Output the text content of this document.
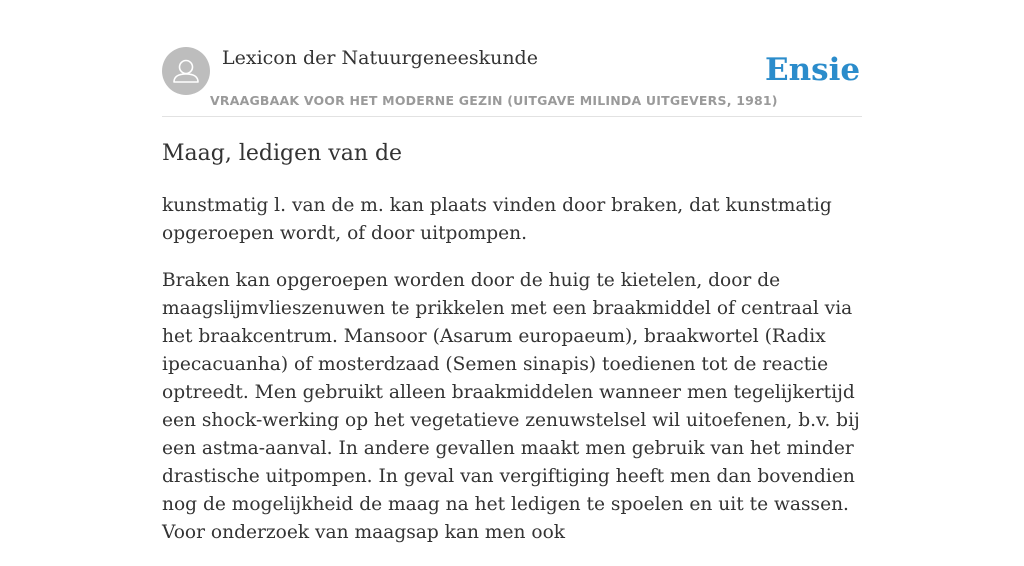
Lexicon der Natuurgeneeskunde
VRAAGBAAK VOOR HET MODERNE GEZIN (UITGAVE MILINDA UITGEVERS, 1981)
Ensie
Maag, ledigen van de

kunstmatig l. van de m. kan plaats vinden door braken, dat kunstmatig opgeroepen wordt, of door uitpompen.

Braken kan opgeroepen worden door de huig te kietelen, door de maagslijmvlieszenuwen te prikkelen met een braakmiddel of centraal via het braakcentrum. Mansoor (Asarum europaeum), braakwortel (Radix ipecacuanha) of mosterdzaad (Semen sinapis) toedienen tot de reactie optreedt. Men gebruikt alleen braakmiddelen wanneer men tegelijkertijd een shock-werking op het vegetatieve zenuwstelsel wil uitoefenen, b.v. bij een astma-aanval. In andere gevallen maakt men gebruik van het minder drastische uitpompen. In geval van vergiftiging heeft men dan bovendien nog de mogelijkheid de maag na het ledigen te spoelen en uit te wassen. Voor onderzoek van maagsap kan men ook
